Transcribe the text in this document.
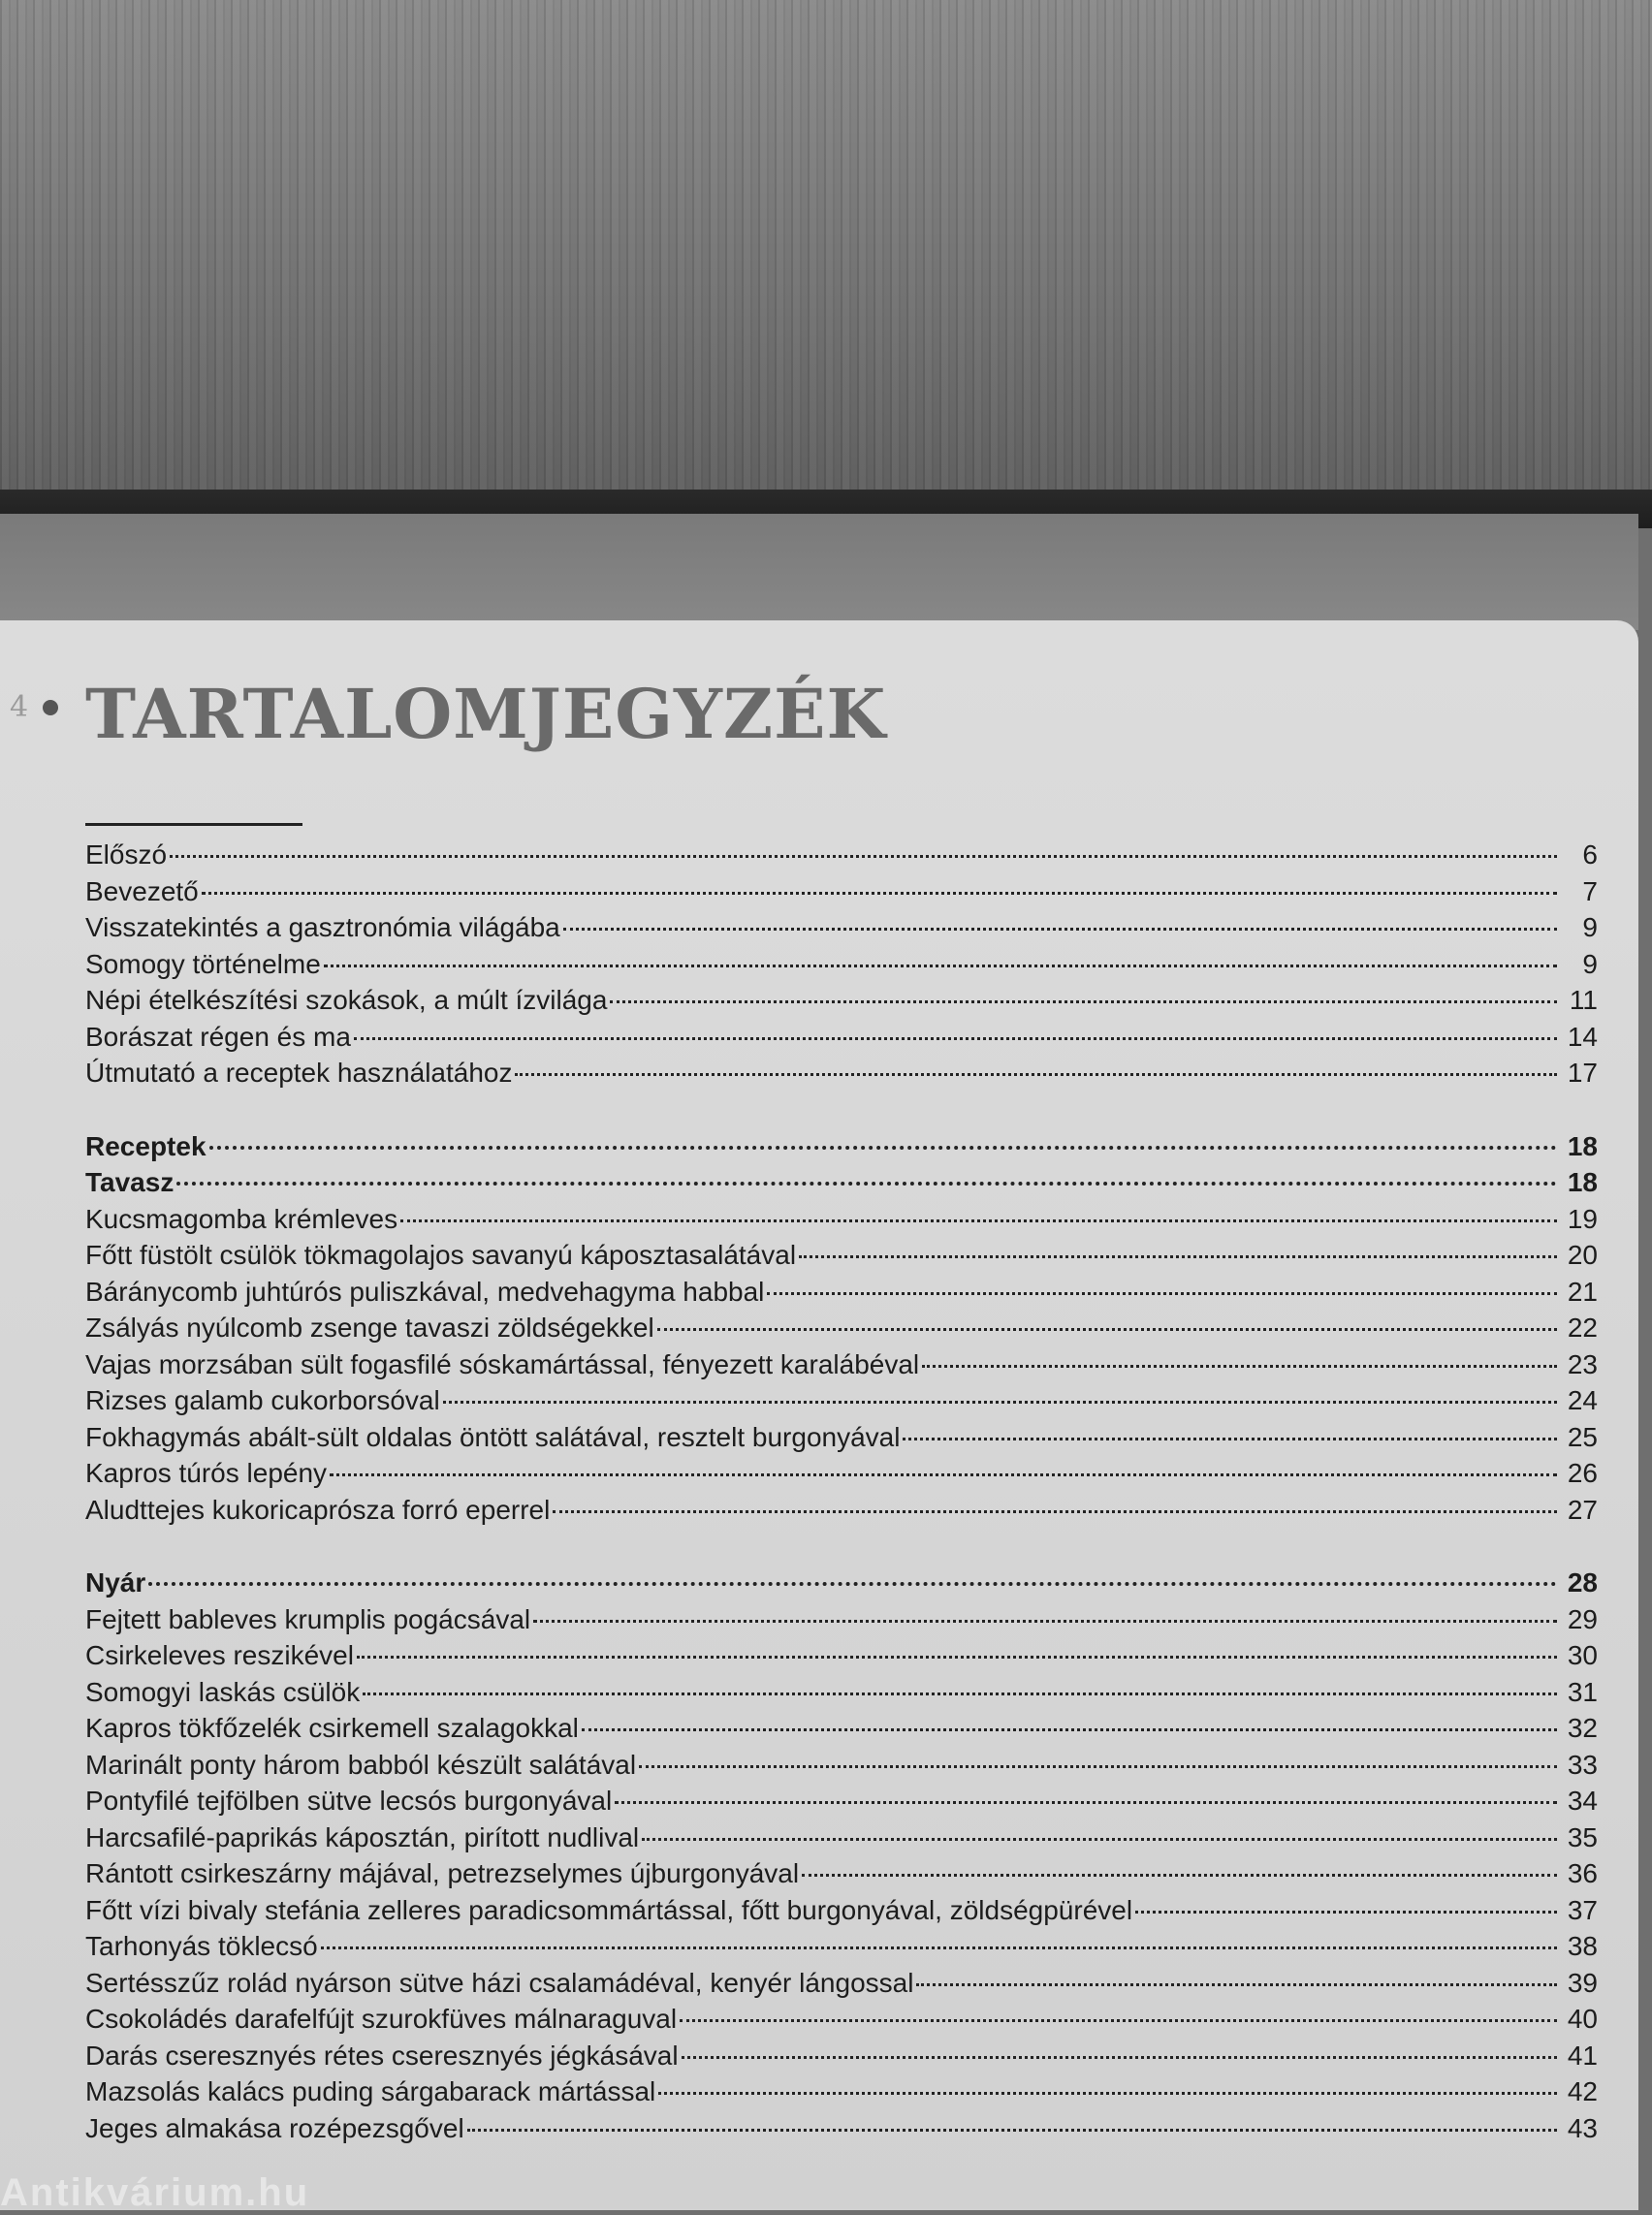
4 TARTALOMJEGYZÉK
Előszó	6
Bevezető	7
Visszatekintés a gasztronómia világába	9
Somogy történelme	9
Népi ételkészítési szokások, a múlt ízvilága	11
Borászat régen és ma	14
Útmutató a receptek használatához	17
Receptek	18
Tavasz	18
Kucsmagomba krémleves	19
Főtt füstölt csülök tökmagolajos savanyú káposztasalátával	20
Báránycomb juhtúrós puliszkával, medvehagyma habbal	21
Zsályás nyúlcomb zsenge tavaszi zöldségekkel	22
Vajas morzsában sült fogasfilé sóskamártással, fényezett karalábéval	23
Rizses galamb cukorborsóval	24
Fokhagymás abált-sült oldalas öntött salátával, resztelt burgonyával	25
Kapros túrós lepény	26
Aludttejes kukoricaprósza forró eperrel	27
Nyár	28
Fejtett bableves krumplis pogácsával	29
Csirkeleves reszikével	30
Somogyi laskás csülök	31
Kapros tökfőzelék csirkemell szalagokkal	32
Marinált ponty három babból készült salátával	33
Pontyfilé tejfölben sütve lecsós burgonyával	34
Harcsafilé-paprikás káposztán, pirított nudlival	35
Rántott csirkeszárny májával, petrezselymes újburgonyával	36
Főtt vízi bivaly stefánia zelleres paradicsommártással, főtt burgonyával, zöldségpürével	37
Tarhonyás töklecsó	38
Sertésszűz rolád nyárson sütve házi csalamádéval, kenyér lángossal	39
Csokoládés darafelfújt szurokfüves málnaraguval	40
Darás cseresznyés rétes cseresznyés jégkásával	41
Mazsolás kalács puding sárgabarack mártással	42
Jeges almakása rozépezsgővel	43
Antikvárium.hu
